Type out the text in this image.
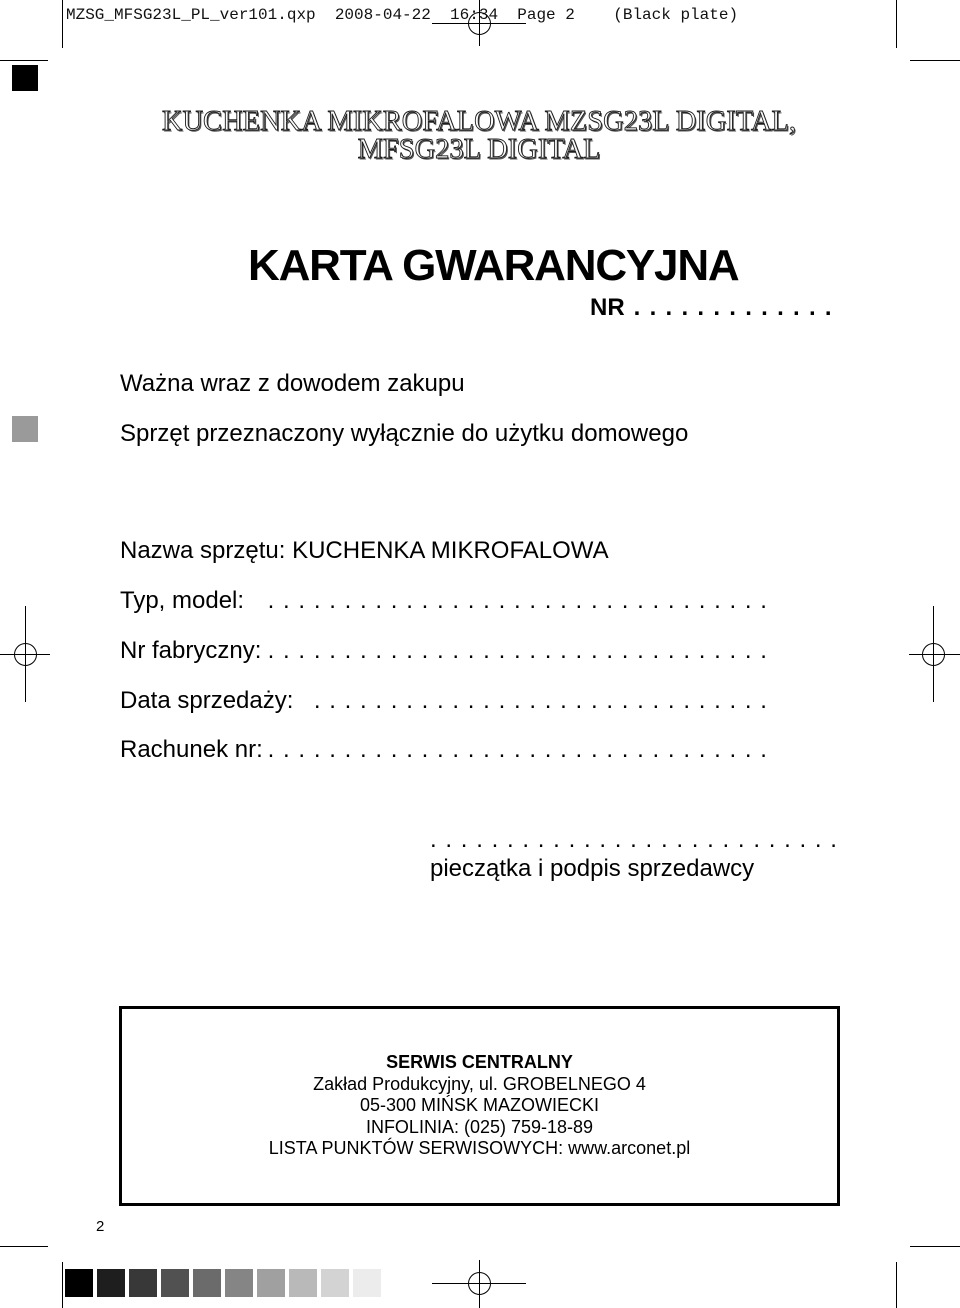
MZSG_MFSG23L_PL_ver101.qxp 2008-04-22 16:34 Page 2 (Black plate)
KUCHENKA MIKROFALOWA MZSG23L DIGITAL,
MFSG23L DIGITAL
KARTA GWARANCYJNA
NR . . . . . . . . . . . . .
Ważna wraz z dowodem zakupu
Sprzęt przeznaczony wyłącznie do użytku domowego
Nazwa sprzętu: KUCHENKA MIKROFALOWA
Typ, model: . . . . . . . . . . . . . . . . . . . . . . . . . . . . . . . . .
Nr fabryczny: . . . . . . . . . . . . . . . . . . . . . . . . . . . . . . . . .
Data sprzedaży: . . . . . . . . . . . . . . . . . . . . . . . . . . . . . .
Rachunek nr: . . . . . . . . . . . . . . . . . . . . . . . . . . . . . . . . .
. . . . . . . . . . . . . . . . . . . . . . . . . . .
pieczątka i podpis sprzedawcy
SERWIS CENTRALNY
Zakład Produkcyjny, ul. GROBELNEGO 4
05-300 MIŃSK MAZOWIECKI
INFOLINIA: (025) 759-18-89
LISTA PUNKTÓW SERWISOWYCH: www.arconet.pl
2
